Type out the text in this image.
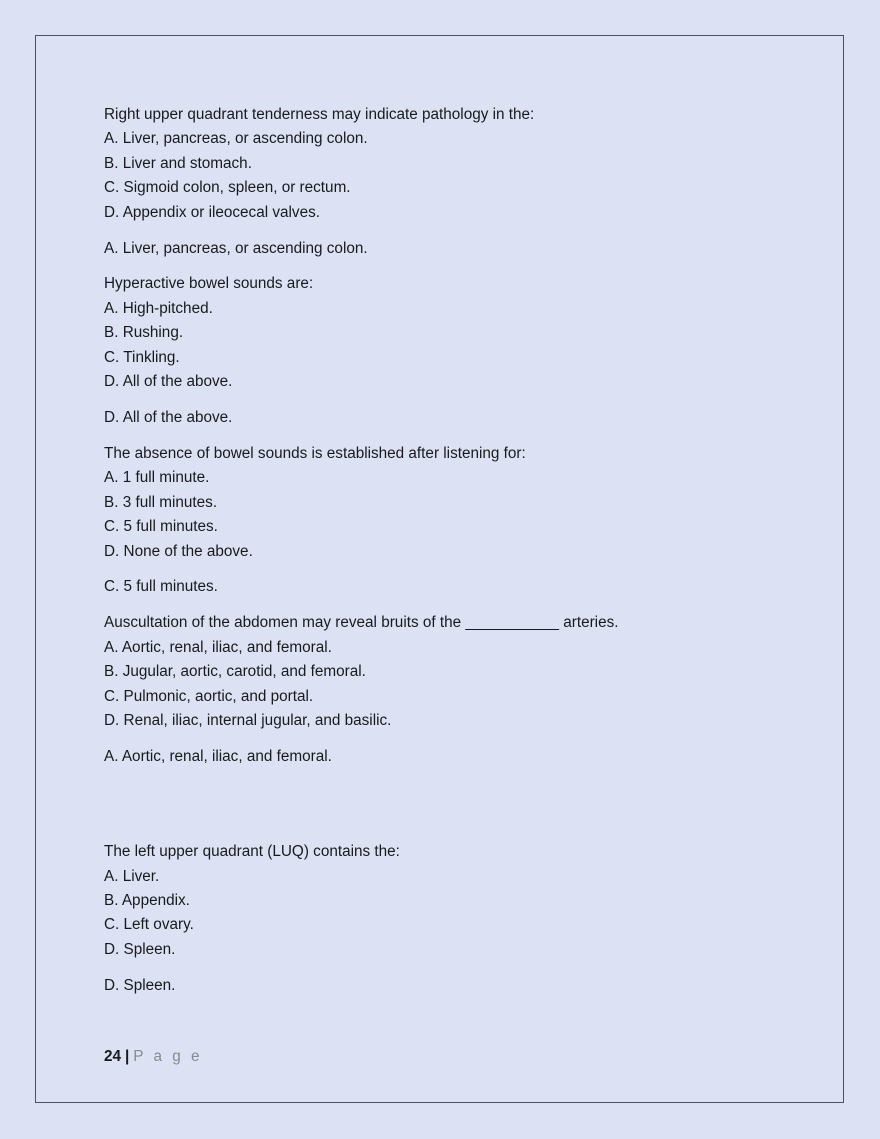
Right upper quadrant tenderness may indicate pathology in the:
A. Liver, pancreas, or ascending colon.
B. Liver and stomach.
C. Sigmoid colon, spleen, or rectum.
D. Appendix or ileocecal valves.
A. Liver, pancreas, or ascending colon.
Hyperactive bowel sounds are:
A. High-pitched.
B. Rushing.
C. Tinkling.
D. All of the above.
D. All of the above.
The absence of bowel sounds is established after listening for:
A. 1 full minute.
B. 3 full minutes.
C. 5 full minutes.
D. None of the above.
C. 5 full minutes.
Auscultation of the abdomen may reveal bruits of the ___________ arteries.
A. Aortic, renal, iliac, and femoral.
B. Jugular, aortic, carotid, and femoral.
C. Pulmonic, aortic, and portal.
D. Renal, iliac, internal jugular, and basilic.
A. Aortic, renal, iliac, and femoral.
The left upper quadrant (LUQ) contains the:
A. Liver.
B. Appendix.
C. Left ovary.
D. Spleen.
D. Spleen.
24 | P a g e
